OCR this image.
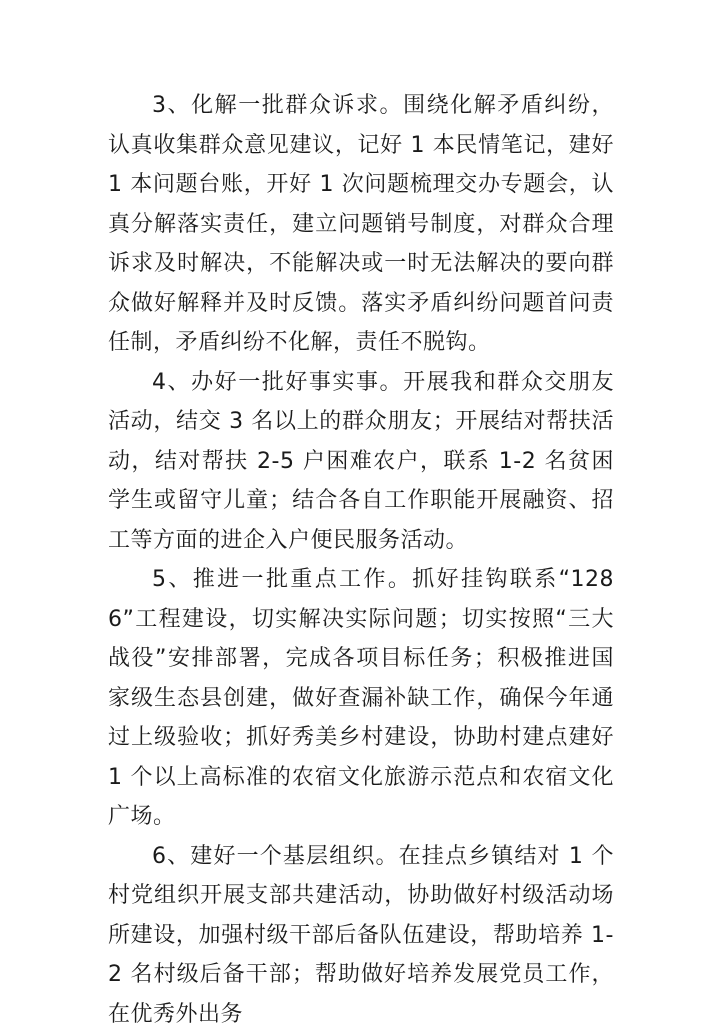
3、化解一批群众诉求。围绕化解矛盾纠纷，认真收集群众意见建议，记好 1 本民情笔记，建好 1 本问题台账，开好 1 次问题梳理交办专题会，认真分解落实责任，建立问题销号制度，对群众合理诉求及时解决，不能解决或一时无法解决的要向群众做好解释并及时反馈。落实矛盾纠纷问题首问责任制，矛盾纠纷不化解，责任不脱钩。

4、办好一批好事实事。开展我和群众交朋友活动，结交 3 名以上的群众朋友；开展结对帮扶活动，结对帮扶 2-5 户困难农户，联系 1-2 名贫困学生或留守儿童；结合各自工作职能开展融资、招工等方面的进企入户便民服务活动。

5、推进一批重点工作。抓好挂钩联系“1286”工程建设，切实解决实际问题；切实按照“三大战役”安排部署，完成各项目标任务；积极推进国家级生态县创建，做好查漏补缺工作，确保今年通过上级验收；抓好秀美乡村建设，协助村建点建好 1 个以上高标准的农宿文化旅游示范点和农宿文化广场。

6、建好一个基层组织。在挂点乡镇结对 1 个村党组织开展支部共建活动，协助做好村级活动场所建设，加强村级干部后备队伍建设，帮助培养 1-2 名村级后备干部；帮助做好培养发展党员工作，在优秀外出务
